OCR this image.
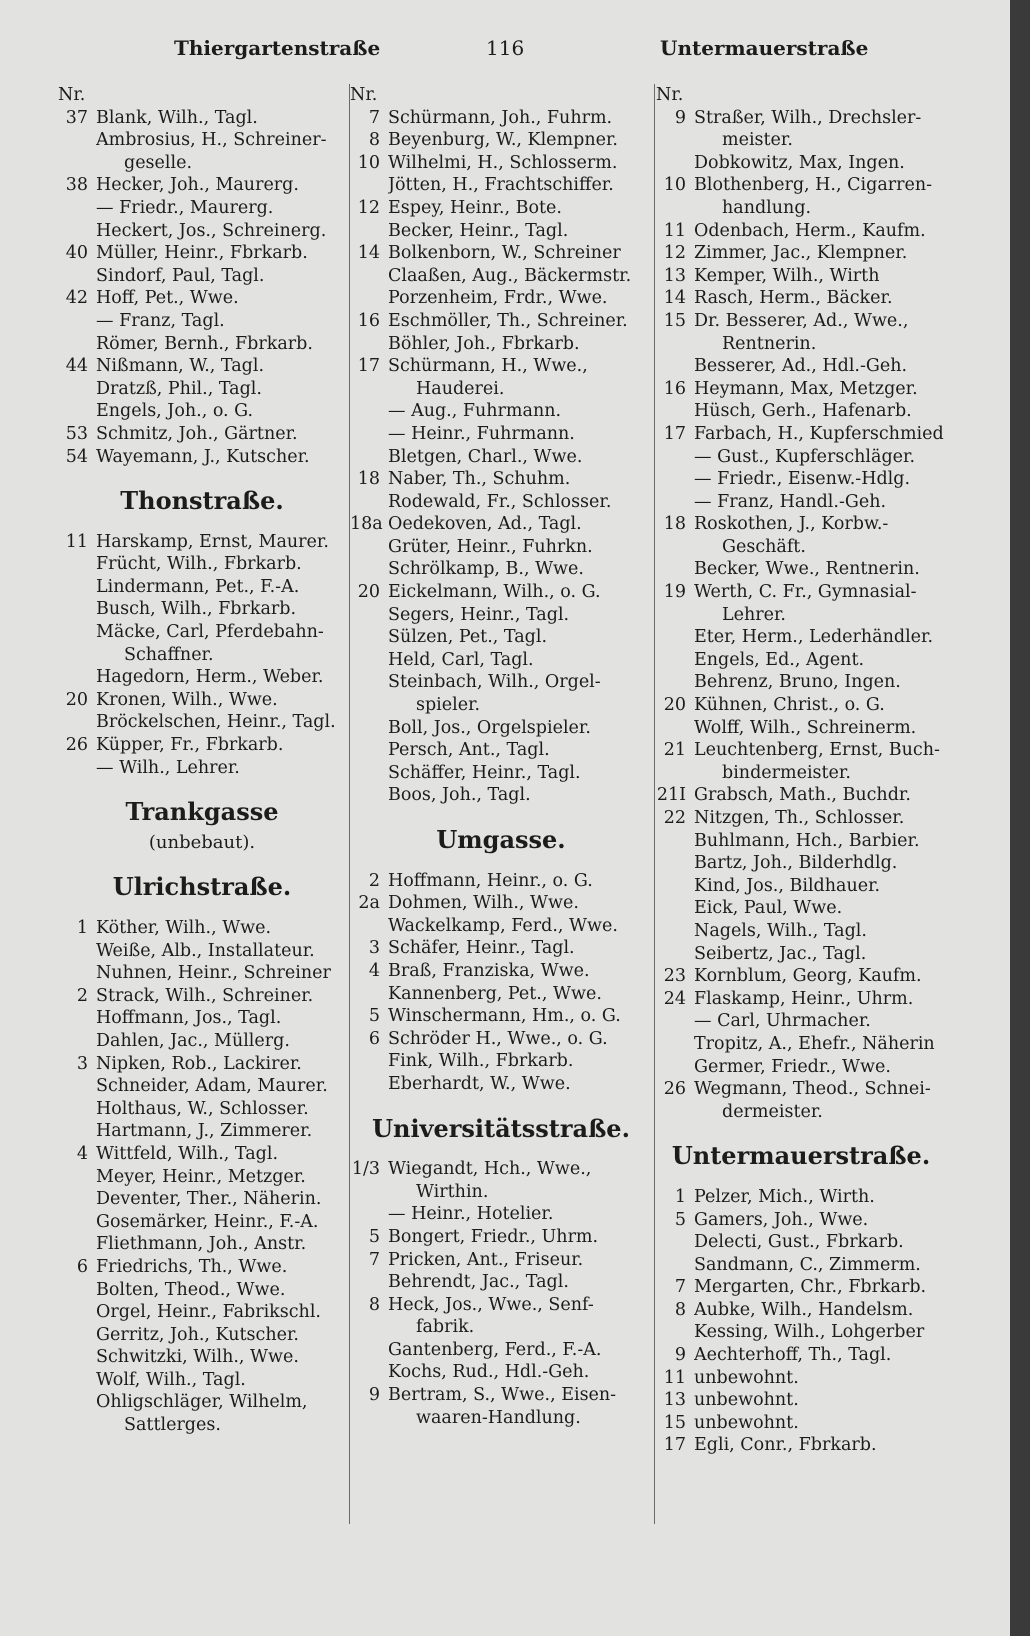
Thiergartenstraße	116	Untermauerstraße
Nr.
37 Blank, Wilh., Tagl.
Ambrosius, H., Schreiner-
geselle.
38 Hecker, Joh., Maurerg.
— Friedr., Maurerg.
Heckert, Jos., Schreinerg.
40 Müller, Heinr., Fbrkarb.
Sindorf, Paul, Tagl.
42 Hoff, Pet., Wwe.
— Franz, Tagl.
Römer, Bernh., Fbrkarb.
44 Nißmann, W., Tagl.
Dratzß, Phil., Tagl.
Engels, Joh., o. G.
53 Schmitz, Joh., Gärtner.
54 Wayemann, J., Kutscher.
Thonstraße.
11 Harskamp, Ernst, Maurer.
Frücht, Wilh., Fbrkarb.
Lindermann, Pet., F.-A.
Busch, Wilh., Fbrkarb.
Mäcke, Carl, Pferdebahn-
Schaffner.
Hagedorn, Herm., Weber.
20 Kronen, Wilh., Wwe.
Bröckelschen, Heinr., Tagl.
26 Küpper, Fr., Fbrkarb.
— Wilh., Lehrer.
Trankgasse
(unbebaut).
Ulrichstraße.
1 Köther, Wilh., Wwe.
Weiße, Alb., Installateur.
Nuhnen, Heinr., Schreiner
2 Strack, Wilh., Schreiner.
Hoffmann, Jos., Tagl.
Dahlen, Jac., Müllerg.
3 Nipken, Rob., Lackirer.
Schneider, Adam, Maurer.
Holthaus, W., Schlosser.
Hartmann, J., Zimmerer.
4 Wittfeld, Wilh., Tagl.
Meyer, Heinr., Metzger.
Deventer, Ther., Näherin.
Gosemärker, Heinr., F.-A.
Fliethmann, Joh., Anstr.
6 Friedrichs, Th., Wwe.
Bolten, Theod., Wwe.
Orgel, Heinr., Fabrikschl.
Gerritz, Joh., Kutscher.
Schwitzki, Wilh., Wwe.
Wolf, Wilh., Tagl.
Ohligschläger, Wilhelm,
Sattlerges.
Nr.
7 Schürmann, Joh., Fuhrm.
8 Beyenburg, W., Klempner.
10 Wilhelmi, H., Schlosserm.
Jötten, H., Frachtschiffer.
12 Espey, Heinr., Bote.
Becker, Heinr., Tagl.
14 Bolkenborn, W., Schreiner
Claaßen, Aug., Bäckermstr.
Porzenheim, Frdr., Wwe.
16 Eschmöller, Th., Schreiner.
Böhler, Joh., Fbrkarb.
17 Schürmann, H., Wwe.,
Hauderei.
— Aug., Fuhrmann.
— Heinr., Fuhrmann.
Bletgen, Charl., Wwe.
18 Naber, Th., Schuhm.
Rodewald, Fr., Schlosser.
18a Oedekoven, Ad., Tagl.
Grüter, Heinr., Fuhrkn.
Schrölkamp, B., Wwe.
20 Eickelmann, Wilh., o. G.
Segers, Heinr., Tagl.
Sülzen, Pet., Tagl.
Held, Carl, Tagl.
Steinbach, Wilh., Orgel-
spieler.
Boll, Jos., Orgelspieler.
Persch, Ant., Tagl.
Schäffer, Heinr., Tagl.
Boos, Joh., Tagl.
Umgasse.
2 Hoffmann, Heinr., o. G.
2a Dohmen, Wilh., Wwe.
Wackelkamp, Ferd., Wwe.
3 Schäfer, Heinr., Tagl.
4 Braß, Franziska, Wwe.
Kannenberg, Pet., Wwe.
5 Winschermann, Hm., o. G.
6 Schröder H., Wwe., o. G.
Fink, Wilh., Fbrkarb.
Eberhardt, W., Wwe.
Universitätsstraße.
1/3 Wiegandt, Hch., Wwe.,
Wirthin.
— Heinr., Hotelier.
5 Bongert, Friedr., Uhrm.
7 Pricken, Ant., Friseur.
Behrendt, Jac., Tagl.
8 Heck, Jos., Wwe., Senf-
fabrik.
Gantenberg, Ferd., F.-A.
Kochs, Rud., Hdl.-Geh.
9 Bertram, S., Wwe., Eisen-
waaren-Handlung.
Nr.
9 Straßer, Wilh., Drechsler-
meister.
Dobkowitz, Max, Ingen.
10 Blothenberg, H., Cigarren-
handlung.
11 Odenbach, Herm., Kaufm.
12 Zimmer, Jac., Klempner.
13 Kemper, Wilh., Wirth
14 Rasch, Herm., Bäcker.
15 Dr. Besserer, Ad., Wwe.,
Rentnerin.
Besserer, Ad., Hdl.-Geh.
16 Heymann, Max, Metzger.
Hüsch, Gerh., Hafenarb.
17 Farbach, H., Kupferschmied
— Gust., Kupferschläger.
— Friedr., Eisenw.-Hdlg.
— Franz, Handl.-Geh.
18 Roskothen, J., Korbw.-
Geschäft.
Becker, Wwe., Rentnerin.
19 Werth, C. Fr., Gymnasial-
Lehrer.
Eter, Herm., Lederhändler.
Engels, Ed., Agent.
Behrenz, Bruno, Ingen.
20 Kühnen, Christ., o. G.
Wolff, Wilh., Schreinerm.
21 Leuchtenberg, Ernst, Buch-
bindermeister.
21I Grabsch, Math., Buchdr.
22 Nitzgen, Th., Schlosser.
Buhlmann, Hch., Barbier.
Bartz, Joh., Bilderhdlg.
Kind, Jos., Bildhauer.
Eick, Paul, Wwe.
Nagels, Wilh., Tagl.
Seibertz, Jac., Tagl.
23 Kornblum, Georg, Kaufm.
24 Flaskamp, Heinr., Uhrm.
— Carl, Uhrmacher.
Tropitz, A., Ehefr., Näherin
Germer, Friedr., Wwe.
26 Wegmann, Theod., Schnei-
dermeister.
Untermauerstraße.
1 Pelzer, Mich., Wirth.
5 Gamers, Joh., Wwe.
Delecti, Gust., Fbrkarb.
Sandmann, C., Zimmerm.
7 Mergarten, Chr., Fbrkarb.
8 Aubke, Wilh., Handelsm.
Kessing, Wilh., Lohgerber
9 Aechterhoff, Th., Tagl.
11 unbewohnt.
13 unbewohnt.
15 unbewohnt.
17 Egli, Conr., Fbrkarb.
